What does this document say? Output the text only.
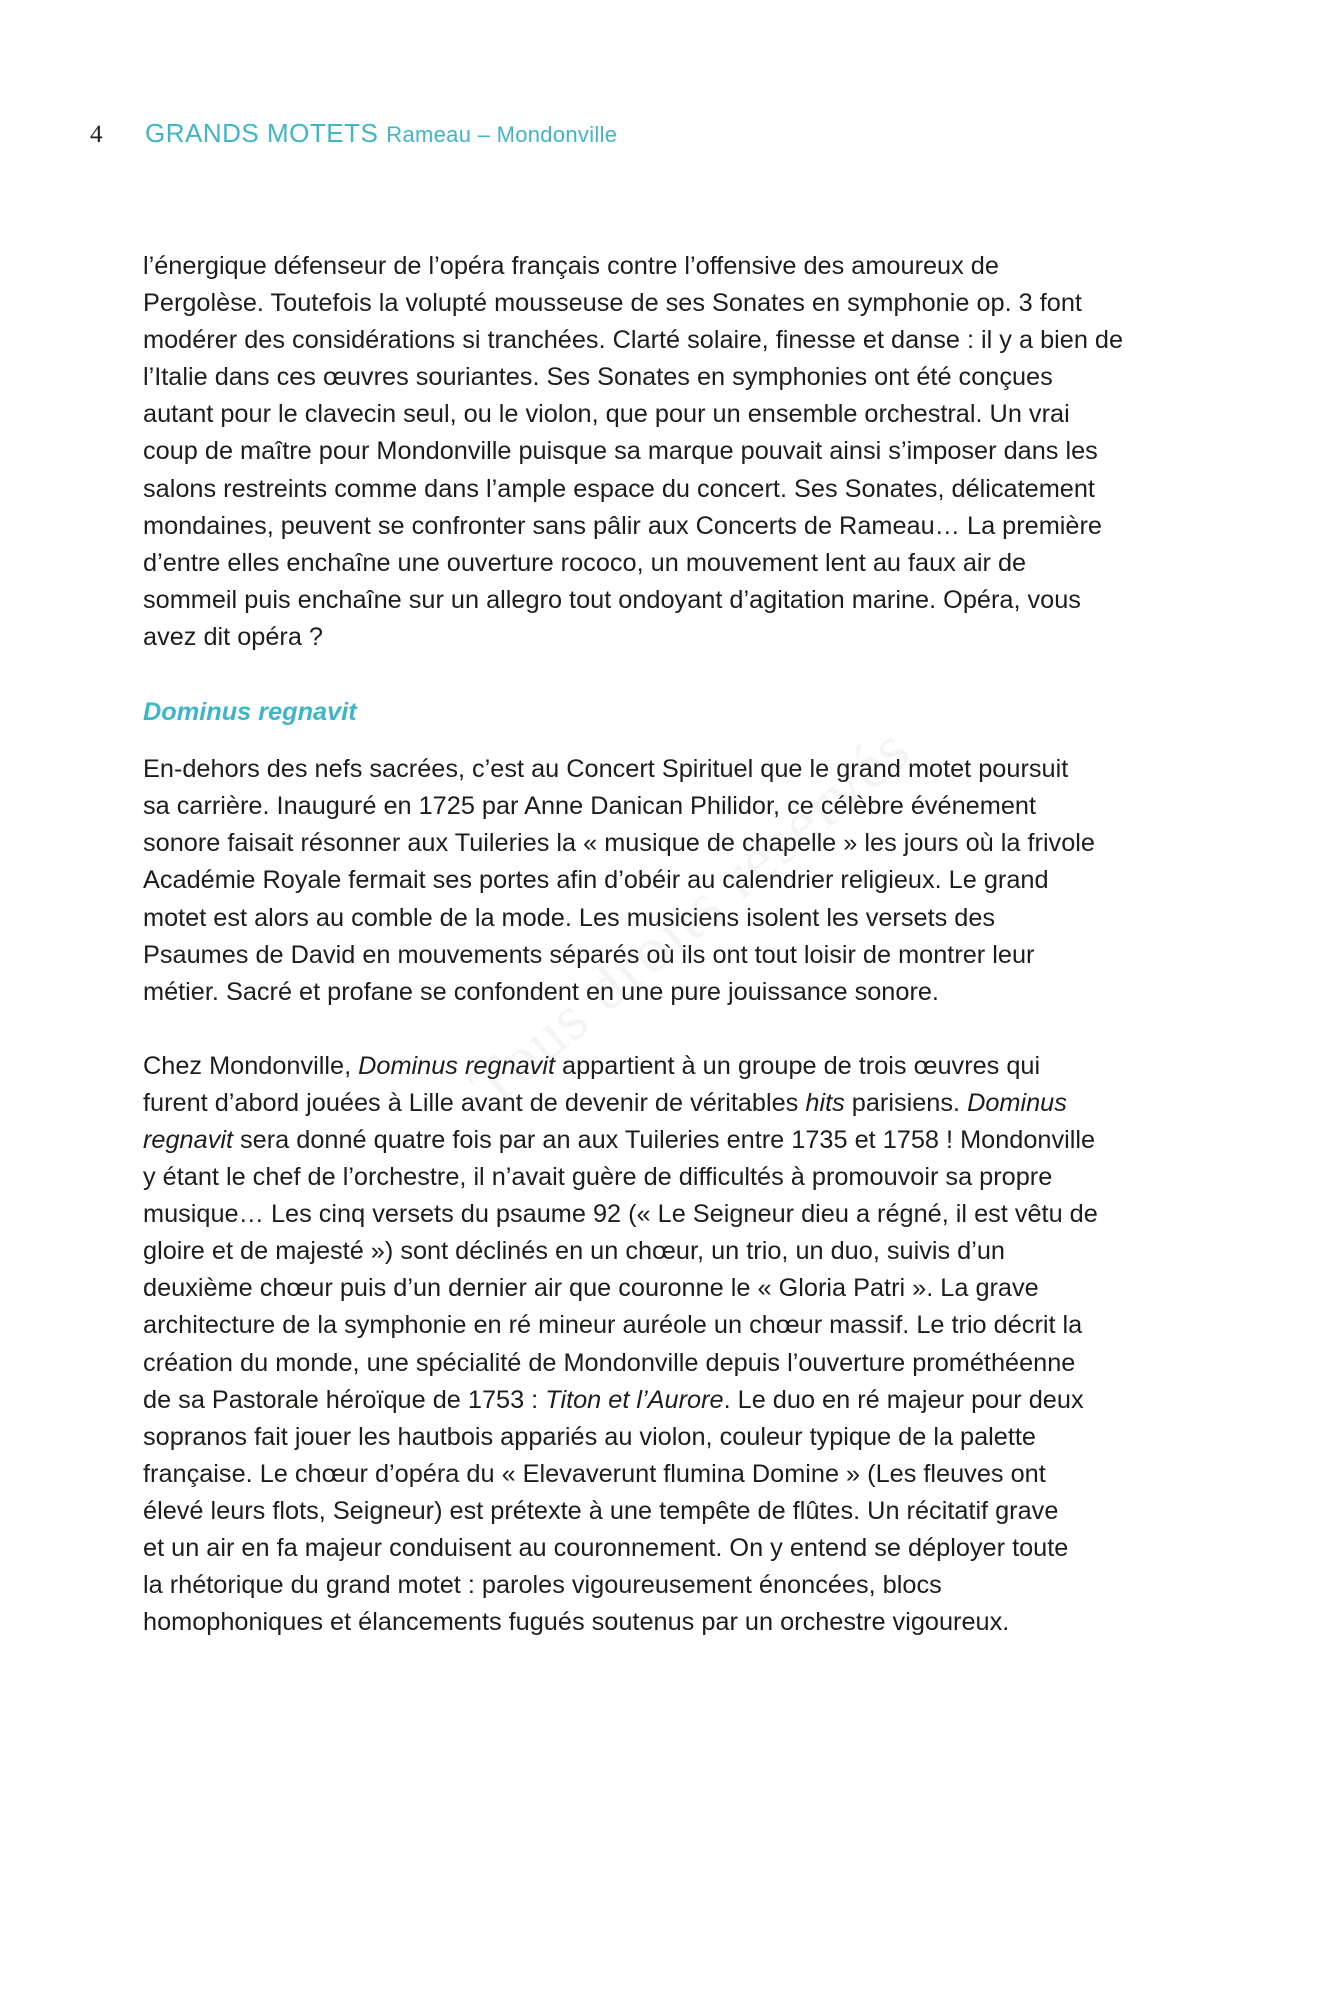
4	GRANDS MOTETS Rameau – Mondonville

l’énergique défenseur de l’opéra français contre l’offensive des amoureux de
Pergolèse. Toutefois la volupté mousseuse de ses Sonates en symphonie op. 3 font
modérer des considérations si tranchées. Clarté solaire, finesse et danse : il y a bien de
l’Italie dans ces œuvres souriantes. Ses Sonates en symphonies ont été conçues
autant pour le clavecin seul, ou le violon, que pour un ensemble orchestral. Un vrai
coup de maître pour Mondonville puisque sa marque pouvait ainsi s’imposer dans les
salons restreints comme dans l’ample espace du concert. Ses Sonates, délicatement
mondaines, peuvent se confronter sans pâlir aux Concerts de Rameau… La première
d’entre elles enchaîne une ouverture rococo, un mouvement lent au faux air de
sommeil puis enchaîne sur un allegro tout ondoyant d’agitation marine. Opéra, vous
avez dit opéra ?

Dominus regnavit

En-dehors des nefs sacrées, c’est au Concert Spirituel que le grand motet poursuit
sa carrière. Inauguré en 1725 par Anne Danican Philidor, ce célèbre événement
sonore faisait résonner aux Tuileries la « musique de chapelle » les jours où la frivole
Académie Royale fermait ses portes afin d’obéir au calendrier religieux. Le grand
motet est alors au comble de la mode. Les musiciens isolent les versets des
Psaumes de David en mouvements séparés où ils ont tout loisir de montrer leur
métier. Sacré et profane se confondent en une pure jouissance sonore.

Chez Mondonville, Dominus regnavit appartient à un groupe de trois œuvres qui
furent d’abord jouées à Lille avant de devenir de véritables hits parisiens. Dominus
regnavit sera donné quatre fois par an aux Tuileries entre 1735 et 1758 ! Mondonville
y étant le chef de l’orchestre, il n’avait guère de difficultés à promouvoir sa propre
musique… Les cinq versets du psaume 92 (« Le Seigneur dieu a régné, il est vêtu de
gloire et de majesté ») sont déclinés en un chœur, un trio, un duo, suivis d’un
deuxième chœur puis d’un dernier air que couronne le « Gloria Patri ». La grave
architecture de la symphonie en ré mineur auréole un chœur massif. Le trio décrit la
création du monde, une spécialité de Mondonville depuis l’ouverture prométhéenne
de sa Pastorale héroïque de 1753 : Titon et l’Aurore. Le duo en ré majeur pour deux
sopranos fait jouer les hautbois appariés au violon, couleur typique de la palette
française. Le chœur d’opéra du « Elevaverunt flumina Domine » (Les fleuves ont
élevé leurs flots, Seigneur) est prétexte à une tempête de flûtes. Un récitatif grave
et un air en fa majeur conduisent au couronnement. On y entend se déployer toute
la rhétorique du grand motet : paroles vigoureusement énoncées, blocs
homophoniques et élancements fugués soutenus par un orchestre vigoureux.
